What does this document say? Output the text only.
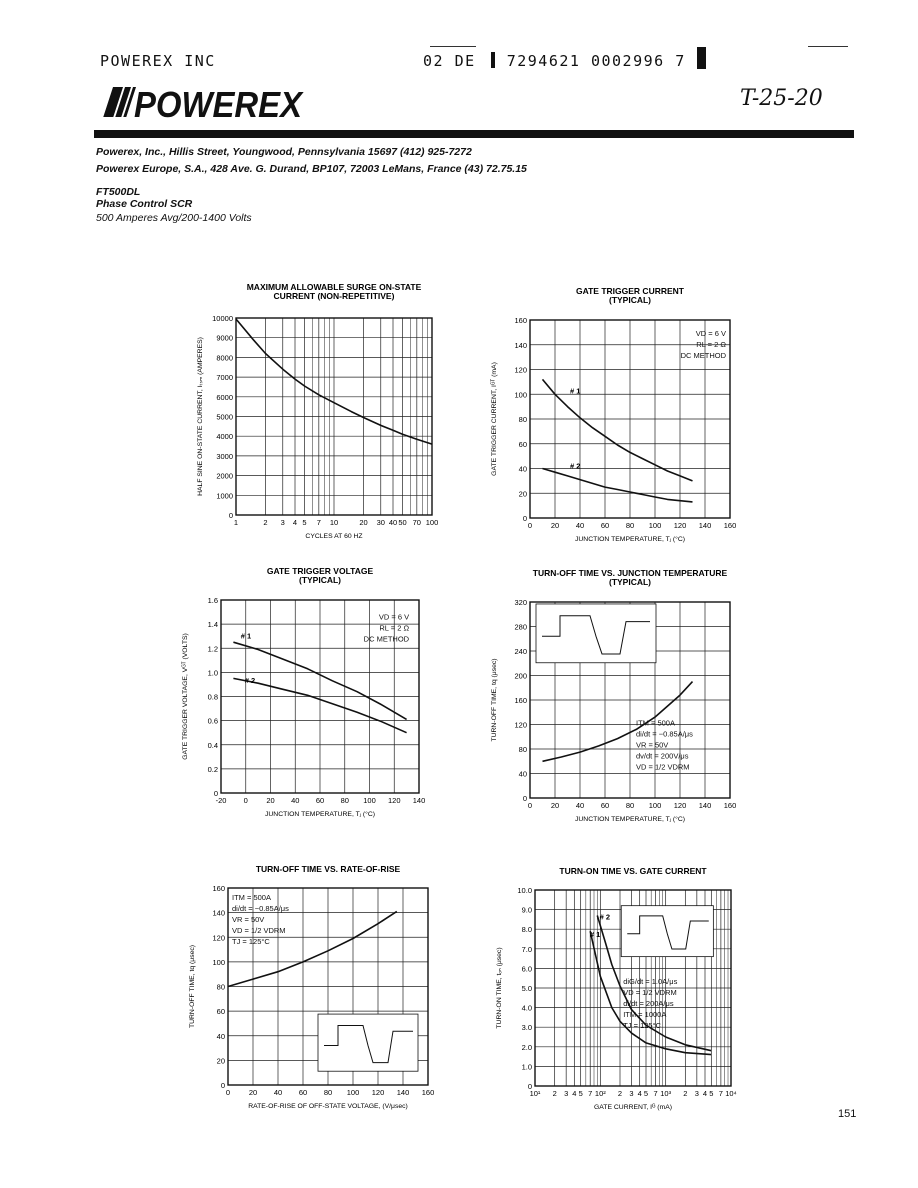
POWEREX INC	02 DE 7294621 0002996 7
POWEREX	T-25-20
Powerex, Inc., Hillis Street, Youngwood, Pennsylvania 15697 (412) 925-7272
Powerex Europe, S.A., 428 Ave. G. Durand, BP107, 72003 LeMans, France (43) 72.75.15
FT500DL
Phase Control SCR
500 Amperes Avg/200-1400 Volts
1	2 3 4 5 7 10	20 30 40 50 70 100
0
1000
2000
3000
4000
5000
6000
7000
8000
9000
10000
MAXIMUM ALLOWABLE SURGE ON-STATE
CURRENT (NON-REPETITIVE)
CYCLES AT 60 HZ
HALF SINE ON-STATE CURRENT, Iₜₛₘ (AMPERES)
0 20 40 60 80 100 120 140 160
0
20
40
60
80
100
120
140
160
GATE TRIGGER CURRENT
(TYPICAL)
JUNCTION TEMPERATURE, Tⱼ (°C)
GATE TRIGGER CURRENT, Iᴳᵀ (mA)	# 1
# 2
VD = 6 V
RL = 2 Ω
DC METHOD
-20 0 20 40 60 80 100 120 140
0
0.2
0.4
0.6
0.8
1.0
1.2
1.4
1.6
GATE TRIGGER VOLTAGE
(TYPICAL)
JUNCTION TEMPERATURE, Tⱼ (°C)
GATE TRIGGER VOLTAGE, Vᴳᵀ (VOLTS)	# 1
# 2
VD = 6 V
RL = 2 Ω
DC METHOD
0 20 40 60 80 100 120 140 160
0
40
80
120
160
200
240
280
320
TURN-OFF TIME VS. JUNCTION TEMPERATURE
(TYPICAL)
JUNCTION TEMPERATURE, Tⱼ (°C)
TURN-OFF TIME, tq (μsec)	ITM = 500A
di/dt = −0.85A/μs
VR = 50V
dv/dt = 200V/μs
VD = 1/2 VDRM
0 20 40 60 80 100 120 140 160
0
20
40
60
80
100
120
140
160
TURN-OFF TIME VS. RATE-OF-RISE
RATE-OF-RISE OF OFF-STATE VOLTAGE, (V/μsec)
TURN-OFF TIME, tq (μsec)
ITM = 500A
di/dt = −0.85A/μs
VR = 50V
VD = 1/2 VDRM
TJ = 125°C
10¹ 2 3 4 5 7 10² 2 3 4 5 7 10³ 2 3 4 5 7 10⁴
0
1.0
2.0
3.0
4.0
5.0
6.0
7.0
8.0
9.0
10.0
TURN-ON TIME VS. GATE CURRENT
GATE CURRENT, Iᴳ (mA)
TURN-ON TIME, tₒₙ (μsec)
# 1
# 2
diG/dt = 1.0A/μs
VD = 1/2 VDRM
di/dt = 200A/μs
ITM = 1000A
TJ = 125°C
151
